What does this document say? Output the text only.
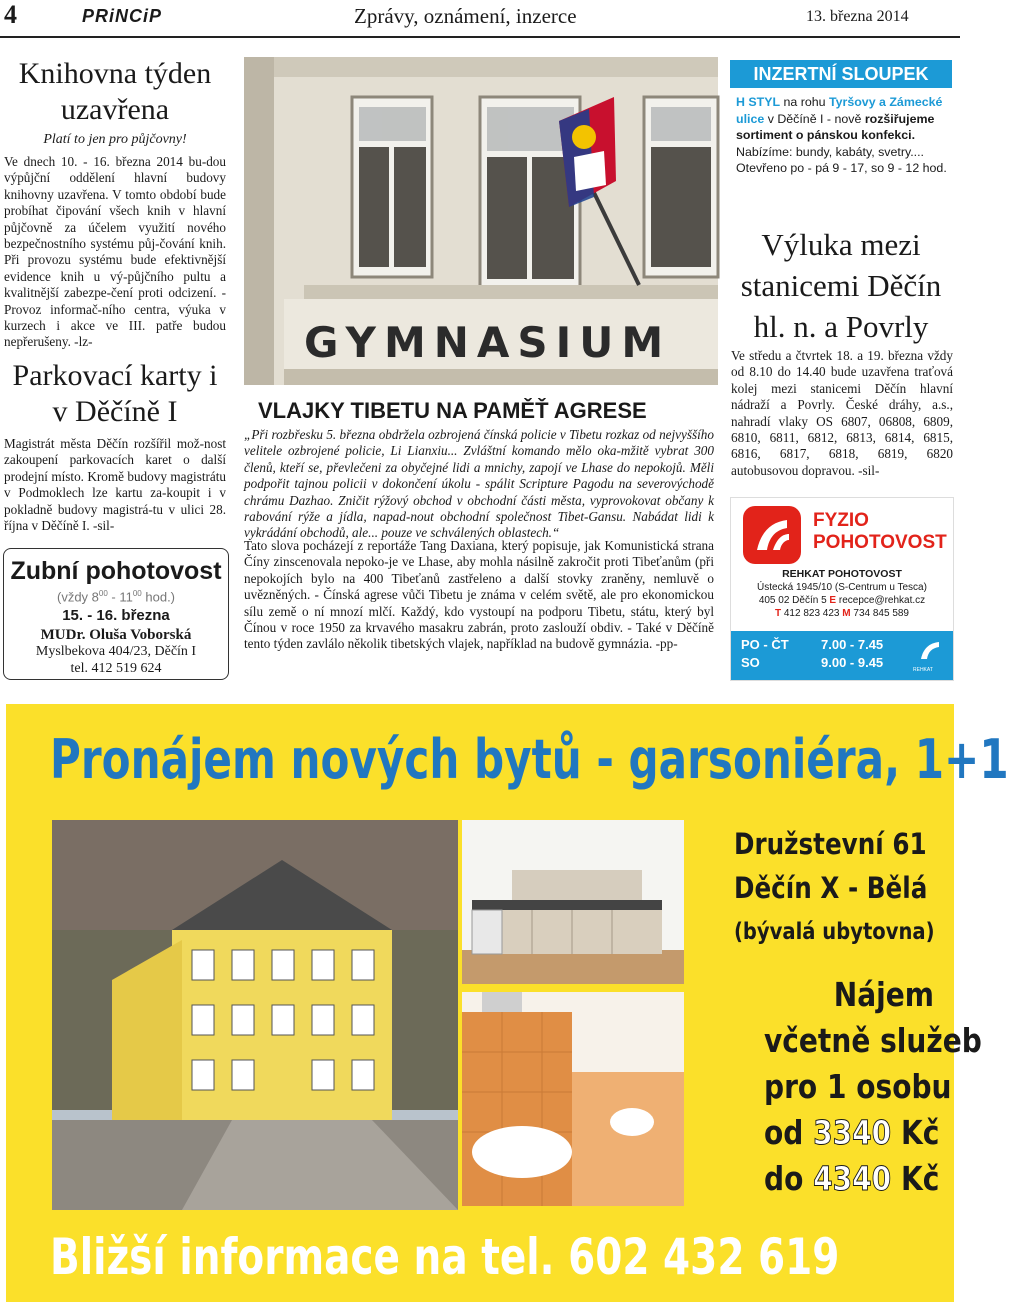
4	PRiNCiP	Zprávy, oznámení, inzerce	13. března 2014
Knihovna týden uzavřena
Platí to jen pro půjčovny!
Ve dnech 10. - 16. března 2014 bu-dou výpůjční oddělení hlavní budovy knihovny uzavřena. V tomto období bude probíhat čipování všech knih v hlavní půjčovně za účelem využití nového bezpečnostního systému půj-čování knih. Při provozu systému bude efektivnější evidence knih u vý-půjčního pultu a kvalitnější zabezpe-čení proti odcizení. - Provoz informač-ního centra, výuka v kurzech i akce ve III. patře budou nepřerušeny. -lz-
Parkovací karty i v Děčíně I
Magistrát města Děčín rozšířil mož-nost zakoupení parkovacích karet o další prodejní místo. Kromě budovy magistrátu v Podmoklech lze kartu za-koupit i v pokladně budovy magistrá-tu v ulici 28. října v Děčíně I. -sil-
Zubní pohotovost
(vždy $8^{00} - 11^{00}$ hod.)
15. - 16. března
MUDr. Oluša Voborská
Myslbekova 404/23, Děčín I
tel. 412 519 624
GYMNASIUM
VLAJKY TIBETU NA PAMĚŤ AGRESE
„Při rozbřesku 5. března obdržela ozbrojená čínská policie v Tibetu rozkaz od nejvyššího velitele ozbrojené policie, Li Lianxiu... Zvláštní komando mělo oka-mžitě vybrat 300 členů, kteří se, převlečeni za obyčejné lidi a mnichy, zapojí ve Lhase do nepokojů. Měli podpořit tajnou policii v dokončení úkolu - spálit Scripture Pagodu na severovýchodě chrámu Dazhao. Zničit rýžový obchod v obchodní části města, vyprovokovat občany k rabování rýže a jídla, napad-nout obchodní společnost Tibet-Gansu. Nabádat lidi k vykrádání obchodů, ale... pouze ve schválených oblastech.“
Tato slova pocházejí z reportáže Tang Daxiana, který popisuje, jak Komunistická strana Číny zinscenovala nepoko-je ve Lhase, aby mohla násilně zakročit proti Tibeťanům (při nepokojích bylo na 400 Tibeťanů zastřeleno a další stovky zraněny, nemluvě o uvězněných. - Čínská agrese vůči Tibetu je známa v celém světě, ale pro ekonomickou sílu země o ní mnozí mlčí. Každý, kdo vystoupí na podporu Tibetu, státu, který byl Čínou v roce 1950 za krvavého masakru zabrán, proto zaslouží obdiv. - Také v Děčíně tento týden zavlálo několik tibetských vlajek, například na budově gymnázia. -pp-
INZERTNÍ SLOUPEK
H STYL na rohu Tyršovy a Zámecké ulice v Děčíně I - nově rozšiřujeme sortiment o pánskou konfekci. Nabízíme: bundy, kabáty, svetry.... Otevřeno po - pá 9 - 17, so 9 - 12 hod.
Výluka mezi stanicemi Děčín hl. n. a Povrly
Ve středu a čtvrtek 18. a 19. března vždy od 8.10 do 14.40 bude uzavřena traťová kolej mezi stanicemi Děčín hlavní nádraží a Povrly. České dráhy, a.s., nahradí vlaky OS 6807, 06808, 6809, 6810, 6811, 6812, 6813, 6814, 6815, 6816, 6817, 6818, 6819, 6820 autobusovou dopravou. -sil-
FYZIO
POHOTOVOST
REHKAT POHOTOVOST
Ústecká 1945/10 (S-Centrum u Tesca)
405 02 Děčín 5 E recepce@rehkat.cz
T 412 823 423 M 734 845 589
PO - ČT 7.00 - 7.45
SO	9.00 - 9.45	REHKAT
Pronájem nových bytů - garsoniéra, 1+1
Družstevní 61
Děčín X - Bělá
(bývalá ubytovna)
Nájem
včetně služeb
pro 1 osobu
od 3340 Kč
do 4340 Kč
Bližší informace na tel. 602 432 619
